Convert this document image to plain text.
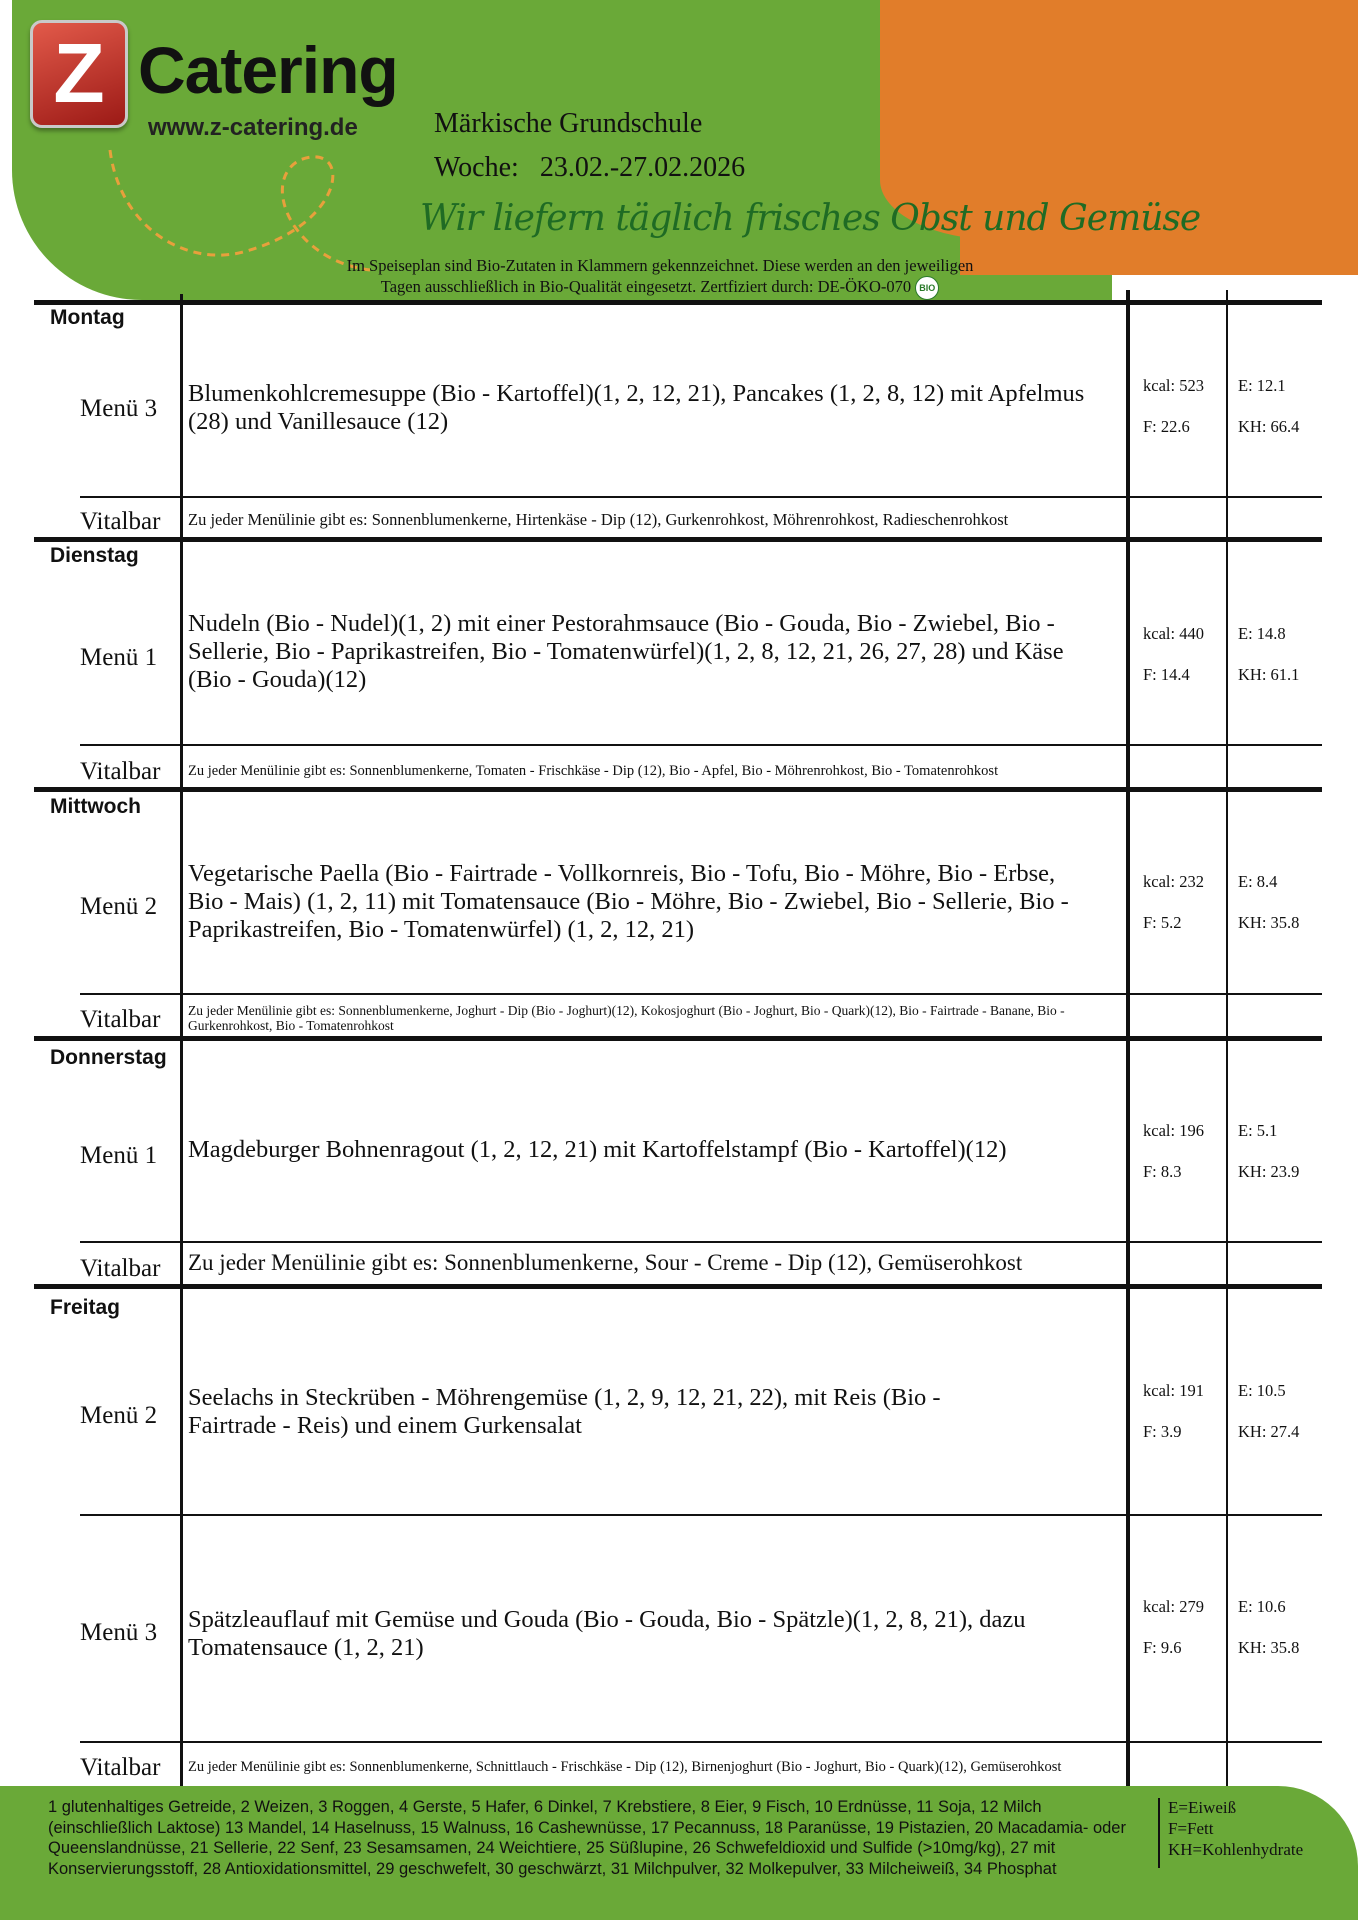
Z Catering
www.z-catering.de	Märkische Grundschule
Woche: 23.02.-27.02.2026
Wir liefern täglich frisches Obst und Gemüse
Im Speiseplan sind Bio-Zutaten in Klammern gekennzeichnet. Diese werden an den jeweiligen
Tagen ausschließlich in Bio-Qualität eingesetzt. Zertfiziert durch: DE-ÖKO-070 BIO
Montag
Menü 3
Blumenkohlcremesuppe (Bio - Kartoffel)(1, 2, 12, 21), Pancakes (1, 2, 8, 12) mit Apfelmus (28) und Vanillesauce (12)
kcal: 523 E: 12.1
F: 22.6	KH: 66.4
Vitalbar Zu jeder Menülinie gibt es: Sonnenblumenkerne, Hirtenkäse - Dip (12), Gurkenrohkost, Möhrenrohkost, Radieschenrohkost
Dienstag
Menü 1
Nudeln (Bio - Nudel)(1, 2) mit einer Pestorahmsauce (Bio - Gouda, Bio - Zwiebel, Bio - Sellerie, Bio - Paprikastreifen, Bio - Tomatenwürfel)(1, 2, 8, 12, 21, 26, 27, 28) und Käse (Bio - Gouda)(12)
kcal: 440 E: 14.8
F: 14.4	KH: 61.1
Vitalbar Zu jeder Menülinie gibt es: Sonnenblumenkerne, Tomaten - Frischkäse - Dip (12), Bio - Apfel, Bio - Möhrenrohkost, Bio - Tomatenrohkost
Mittwoch
Menü 2
Vegetarische Paella (Bio - Fairtrade - Vollkornreis, Bio - Tofu, Bio - Möhre, Bio - Erbse, Bio - Mais) (1, 2, 11) mit Tomatensauce (Bio - Möhre, Bio - Zwiebel, Bio - Sellerie, Bio - Paprikastreifen, Bio - Tomatenwürfel) (1, 2, 12, 21)
kcal: 232 E: 8.4
F: 5.2	KH: 35.8
Vitalbar Zu jeder Menülinie gibt es: Sonnenblumenkerne, Joghurt - Dip (Bio - Joghurt)(12), Kokosjoghurt (Bio - Joghurt, Bio - Quark)(12), Bio - Fairtrade - Banane, Bio - Gurkenrohkost, Bio - Tomatenrohkost
Donnerstag
Menü 1 Magdeburger Bohnenragout (1, 2, 12, 21) mit Kartoffelstampf (Bio - Kartoffel)(12)
kcal: 196 E: 5.1
F: 8.3	KH: 23.9
Vitalbar Zu jeder Menülinie gibt es: Sonnenblumenkerne, Sour - Creme - Dip (12), Gemüserohkost
Freitag
Menü 2
Seelachs in Steckrüben - Möhrengemüse (1, 2, 9, 12, 21, 22), mit Reis (Bio - Fairtrade - Reis) und einem Gurkensalat
kcal: 191 E: 10.5
F: 3.9	KH: 27.4
Menü 3 Spätzleauflauf mit Gemüse und Gouda (Bio - Gouda, Bio - Spätzle)(1, 2, 8, 21), dazu Tomatensauce (1, 2, 21)
kcal: 279 E: 10.6
F: 9.6	KH: 35.8
Vitalbar Zu jeder Menülinie gibt es: Sonnenblumenkerne, Schnittlauch - Frischkäse - Dip (12), Birnenjoghurt (Bio - Joghurt, Bio - Quark)(12), Gemüserohkost
1 glutenhaltiges Getreide, 2 Weizen, 3 Roggen, 4 Gerste, 5 Hafer, 6 Dinkel, 7 Krebstiere, 8 Eier, 9 Fisch, 10 Erdnüsse, 11 Soja, 12 Milch (einschließlich Laktose) 13 Mandel, 14 Haselnuss, 15 Walnuss, 16 Cashewnüsse, 17 Pecannuss, 18 Paranüsse, 19 Pistazien, 20 Macadamia- oder Queenslandnüsse, 21 Sellerie, 22 Senf, 23 Sesamsamen, 24 Weichtiere, 25 Süßlupine, 26 Schwefeldioxid und Sulfide (>10mg/kg), 27 mit Konservierungsstoff, 28 Antioxidationsmittel, 29 geschwefelt, 30 geschwärzt, 31 Milchpulver, 32 Molkepulver, 33 Milcheiweiß, 34 Phosphat
E=Eiweiß
F=Fett
KH=Kohlenhydrate
